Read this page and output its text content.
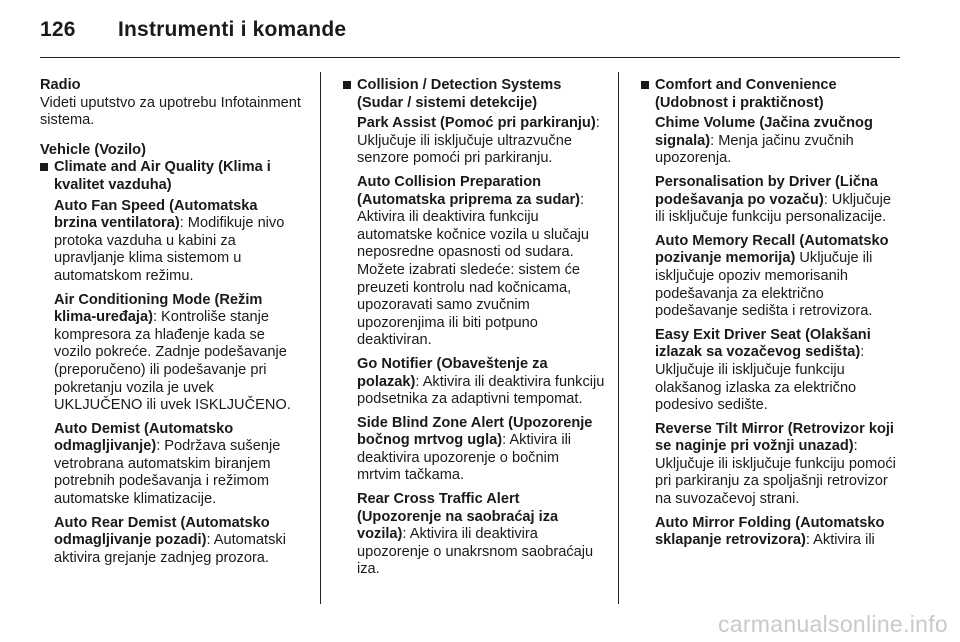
126 Instrumenti i komande
Radio
Videti uputstvo za upotrebu Infotainment sistema.
Vehicle (Vozilo)
Climate and Air Quality (Klima i kvalitet vazduha)
Auto Fan Speed (Automatska brzina ventilatora): Modifikuje nivo protoka vazduha u kabini za upravljanje klima sistemom u automatskom režimu.
Air Conditioning Mode (Režim klima-uređaja): Kontroliše stanje kompresora za hlađenje kada se vozilo pokreće. Zadnje podešavanje (preporučeno) ili podešavanje pri pokretanju vozila je uvek UKLJUČENO ili uvek ISKLJUČENO.
Auto Demist (Automatsko odmagljivanje): Podržava sušenje vetrobrana automatskim biranjem potrebnih podešavanja i režimom automatske klimatizacije.
Auto Rear Demist (Automatsko odmagljivanje pozadi): Automatski aktivira grejanje zadnjeg prozora.
Collision / Detection Systems (Sudar / sistemi detekcije)
Park Assist (Pomoć pri parkiranju): Uključuje ili isključuje ultrazvučne senzore pomoći pri parkiranju.
Auto Collision Preparation (Automatska priprema za sudar): Aktivira ili deaktivira funkciju automatske kočnice vozila u slučaju neposredne opasnosti od sudara. Možete izabrati sledeće: sistem će preuzeti kontrolu nad kočnicama, upozoravati samo zvučnim upozorenjima ili biti potpuno deaktiviran.
Go Notifier (Obaveštenje za polazak): Aktivira ili deaktivira funkciju podsetnika za adaptivni tempomat.
Side Blind Zone Alert (Upozorenje bočnog mrtvog ugla): Aktivira ili deaktivira upozorenje o bočnim mrtvim tačkama.
Rear Cross Traffic Alert (Upozorenje na saobraćaj iza vozila): Aktivira ili deaktivira upozorenje o unakrsnom saobraćaju iza.
Comfort and Convenience (Udobnost i praktičnost)
Chime Volume (Jačina zvučnog signala): Menja jačinu zvučnih upozorenja.
Personalisation by Driver (Lična podešavanja po vozaču): Uključuje ili isključuje funkciju personalizacije.
Auto Memory Recall (Automatsko pozivanje memorija) Uključuje ili isključuje opoziv memorisanih podešavanja za električno podešavanje sedišta i retrovizora.
Easy Exit Driver Seat (Olakšani izlazak sa vozačevog sedišta): Uključuje ili isključuje funkciju olakšanog izlaska za električno podesivo sedište.
Reverse Tilt Mirror (Retrovizor koji se naginje pri vožnji unazad): Uključuje ili isključuje funkciju pomoći pri parkiranju za spoljašnji retrovizor na suvozačevoj strani.
Auto Mirror Folding (Automatsko sklapanje retrovizora): Aktivira ili
carmanualsonline.info
